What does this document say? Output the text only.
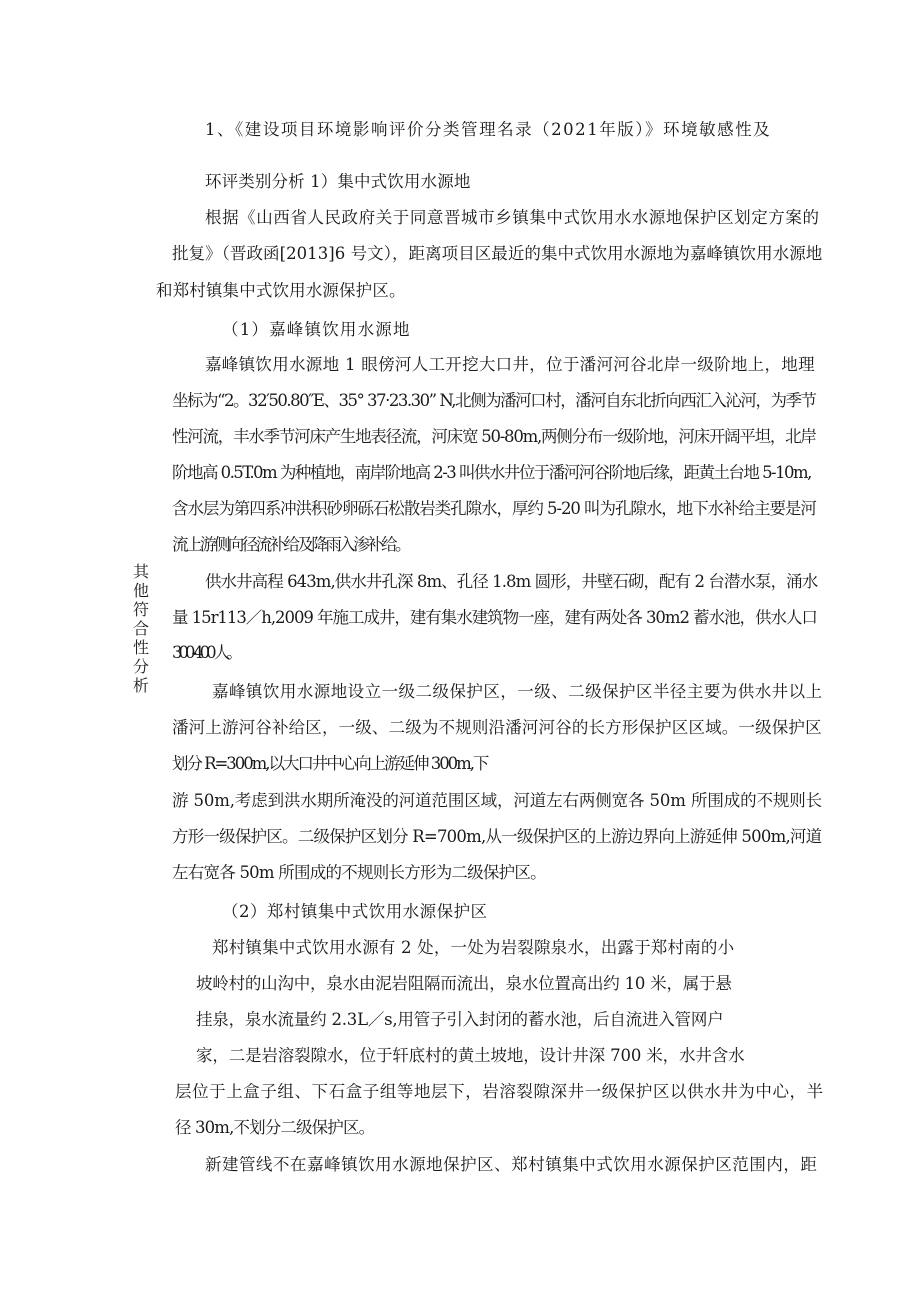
其他符合性分析

1、《建设项目环境影响评价分类管理名录（2021年版）》环境敏感性及

环评类别分析 1）集中式饮用水源地

根据《山西省人民政府关于同意晋城市乡镇集中式饮用水水源地保护区划定方案的

批复》（晋政函[2013]6 号文），距离项目区最近的集中式饮用水源地为嘉峰镇饮用水源地

和郑村镇集中式饮用水源保护区。

（1）嘉峰镇饮用水源地

嘉峰镇饮用水源地 1 眼傍河人工开挖大口井，位于潘河河谷北岸一级阶地上，地理

坐标为“2。32′50.80″E、35° 37·23.30” N,北侧为潘河口村，潘河自东北折向西汇入沁河，为季节

性河流，丰水季节河床产生地表径流，河床宽 50-80m,两侧分布一级阶地，河床开阔平坦，北岸

阶地高 0.5T.0m 为种植地，南岸阶地高 2-3 叫供水井位于潘河河谷阶地后缘，距黄土台地 5-10m,

含水层为第四系冲洪积砂卵砾石松散岩类孔隙水，厚约 5-20 叫为孔隙水，地下水补给主要是河

流上游侧向径流补给及降雨入渗补给。

供水井高程 643m,供水井孔深 8m、孔径 1.8m 圆形，井壁石砌，配有 2 台潜水泵，涌水

量 15r113／h,2009 年施工成井，建有集水建筑物一座，建有两处各 30m2 蓄水池，供水人口

300-400 人。

嘉峰镇饮用水源地设立一级二级保护区，一级、二级保护区半径主要为供水井以上

潘河上游河谷补给区，一级、二级为不规则沿潘河河谷的长方形保护区区域。一级保护区

划分 R=300m,以大口井中心向上游延伸 300m,下

游 50m,考虑到洪水期所淹没的河道范围区域，河道左右两侧宽各 50m 所围成的不规则长

方形一级保护区。二级保护区划分 R=700m,从一级保护区的上游边界向上游延伸 500m,河道

左右宽各 50m 所围成的不规则长方形为二级保护区。

（2）郑村镇集中式饮用水源保护区

郑村镇集中式饮用水源有 2 处，一处为岩裂隙泉水，出露于郑村南的小

坡岭村的山沟中，泉水由泥岩阻隔而流出，泉水位置高出约 10 米，属于悬

挂泉，泉水流量约 2.3L／s,用管子引入封闭的蓄水池，后自流进入管网户

家，二是岩溶裂隙水，位于轩底村的黄土坡地，设计井深 700 米，水井含水

层位于上盒子组、下石盒子组等地层下，岩溶裂隙深井一级保护区以供水井为中心，半

径 30m,不划分二级保护区。

新建管线不在嘉峰镇饮用水源地保护区、郑村镇集中式饮用水源保护区范围内，距
